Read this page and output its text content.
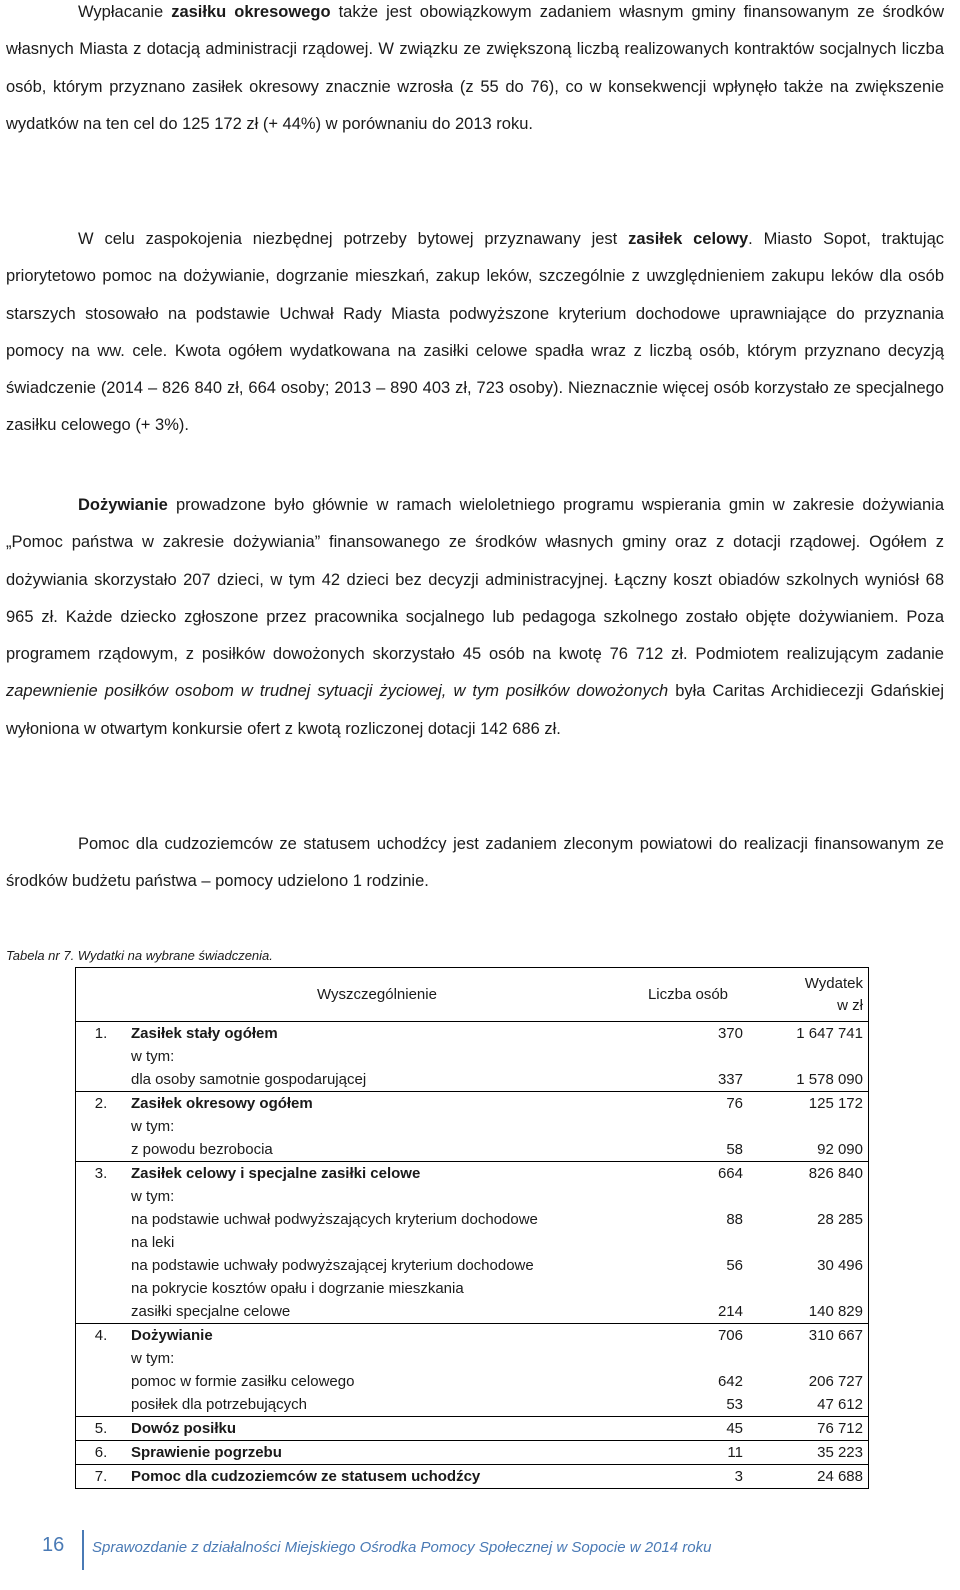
Wypłacanie zasiłku okresowego także jest obowiązkowym zadaniem własnym gminy finansowanym ze środków własnych Miasta z dotacją administracji rządowej. W związku ze zwiększoną liczbą realizowanych kontraktów socjalnych liczba osób, którym przyznano zasiłek okresowy znacznie wzrosła (z 55 do 76), co w konsekwencji wpłynęło także na zwiększenie wydatków na ten cel do 125 172 zł (+ 44%) w porównaniu do 2013 roku.

W celu zaspokojenia niezbędnej potrzeby bytowej przyznawany jest zasiłek celowy. Miasto Sopot, traktując priorytetowo pomoc na dożywianie, dogrzanie mieszkań, zakup leków, szczególnie z uwzględnieniem zakupu leków dla osób starszych stosowało na podstawie Uchwał Rady Miasta podwyższone kryterium dochodowe uprawniające do przyznania pomocy na ww. cele. Kwota ogółem wydatkowana na zasiłki celowe spadła wraz z liczbą osób, którym przyznano decyzją świadczenie (2014 – 826 840 zł, 664 osoby; 2013 – 890 403 zł, 723 osoby). Nieznacznie więcej osób korzystało ze specjalnego zasiłku celowego (+ 3%).

Dożywianie prowadzone było głównie w ramach wieloletniego programu wspierania gmin w zakresie dożywiania „Pomoc państwa w zakresie dożywiania” finansowanego ze środków własnych gminy oraz z dotacji rządowej. Ogółem z dożywiania skorzystało 207 dzieci, w tym 42 dzieci bez decyzji administracyjnej. Łączny koszt obiadów szkolnych wyniósł 68 965 zł. Każde dziecko zgłoszone przez pracownika socjalnego lub pedagoga szkolnego zostało objęte dożywianiem. Poza programem rządowym, z posiłków dowożonych skorzystało 45 osób na kwotę 76 712 zł. Podmiotem realizującym zadanie zapewnienie posiłków osobom w trudnej sytuacji życiowej, w tym posiłków dowożonych była Caritas Archidiecezji Gdańskiej wyłoniona w otwartym konkursie ofert z kwotą rozliczonej dotacji 142 686 zł.

Pomoc dla cudzoziemców ze statusem uchodźcy jest zadaniem zleconym powiatowi do realizacji finansowanym ze środków budżetu państwa – pomocy udzielono 1 rodzinie.

Tabela nr 7. Wydatki na wybrane świadczenia.

	Wyszczególnienie	Liczba osób	Wydatek
w zł
1.	Zasiłek stały ogółem	370	1 647 741
	w tym:		
	dla osoby samotnie gospodarującej	337	1 578 090
2.	Zasiłek okresowy ogółem	76	125 172
	w tym:		
	z powodu bezrobocia	58	92 090
3.	Zasiłek celowy i specjalne zasiłki celowe	664	826 840
	w tym:		
	na podstawie uchwał podwyższających kryterium dochodowe	88	28 285
	na leki		
	na podstawie uchwały podwyższającej kryterium dochodowe	56	30 496
	na pokrycie kosztów opału i dogrzanie mieszkania		
	zasiłki specjalne celowe	214	140 829
4.	Dożywianie	706	310 667
	w tym:		
	pomoc w formie zasiłku celowego	642	206 727
	posiłek dla potrzebujących	53	47 612
5.	Dowóz posiłku	45	76 712
6.	Sprawienie pogrzebu	11	35 223
7.	Pomoc dla cudzoziemców ze statusem uchodźcy	3	24 688
16 Sprawozdanie z działalności Miejskiego Ośrodka Pomocy Społecznej w Sopocie w 2014 roku
